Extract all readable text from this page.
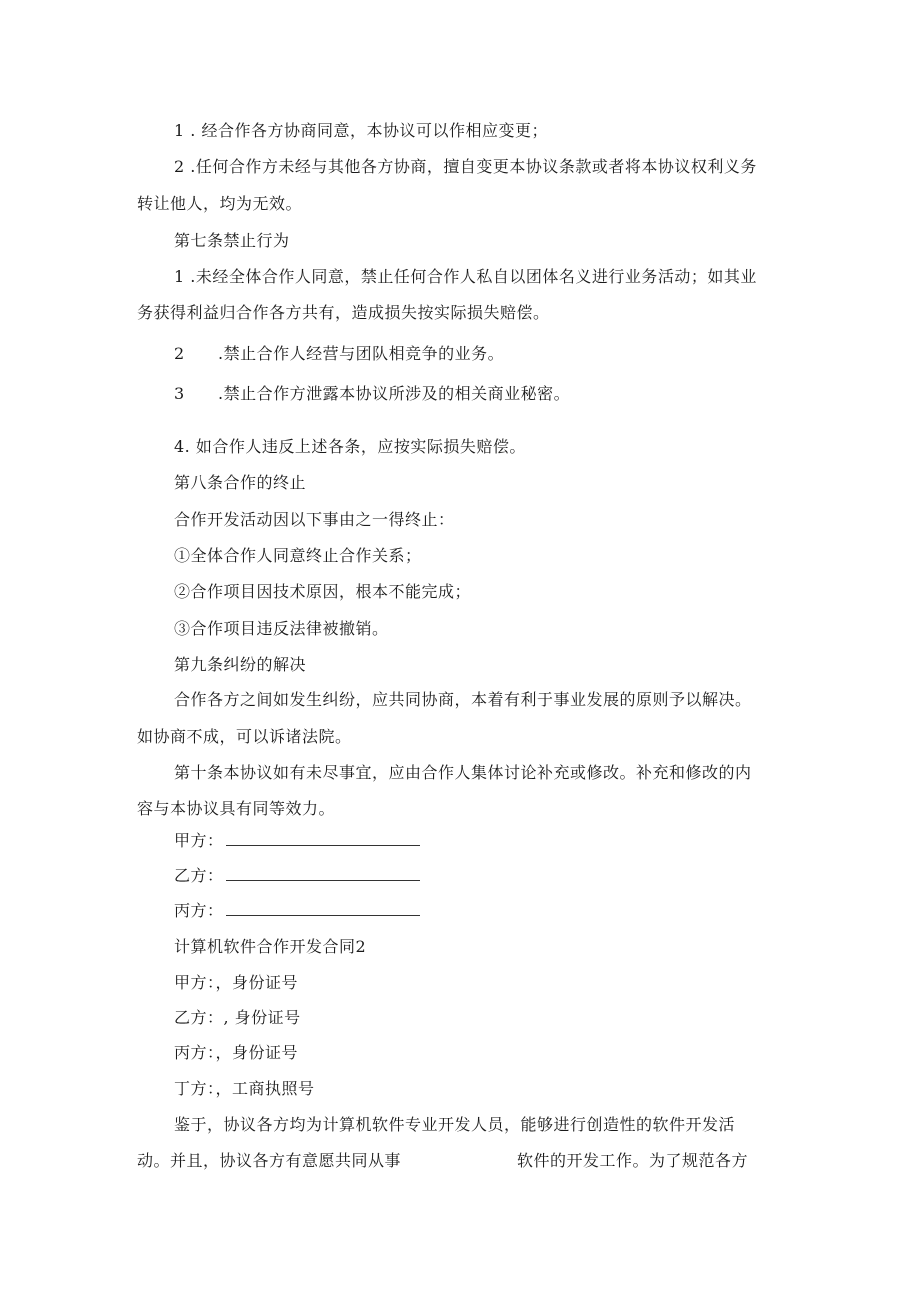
1 . 经合作各方协商同意，本协议可以作相应变更；
2 .任何合作方未经与其他各方协商，擅自变更本协议条款或者将本协议权利义务
转让他人，均为无效。
第七条禁止行为
1 .未经全体合作人同意，禁止任何合作人私自以团体名义进行业务活动；如其业
务获得利益归合作各方共有，造成损失按实际损失赔偿。
2 .禁止合作人经营与团队相竞争的业务。
3 .禁止合作方泄露本协议所涉及的相关商业秘密。
4. 如合作人违反上述各条，应按实际损失赔偿。
第八条合作的终止
合作开发活动因以下事由之一得终止：
①全体合作人同意终止合作关系；
②合作项目因技术原因，根本不能完成；
③合作项目违反法律被撤销。
第九条纠纷的解决
合作各方之间如发生纠纷，应共同协商，本着有利于事业发展的原则予以解决。
如协商不成，可以诉诸法院。
第十条本协议如有未尽事宜，应由合作人集体讨论补充或修改。补充和修改的内
容与本协议具有同等效力。
甲方：
乙方：
丙方：
计算机软件合作开发合同2
甲方：，身份证号
乙方：, 身份证号
丙方：，身份证号
丁方：，工商执照号
鉴于，协议各方均为计算机软件专业开发人员，能够进行创造性的软件开发活
动。并且，协议各方有意愿共同从事	软件的开发工作。为了规范各方
